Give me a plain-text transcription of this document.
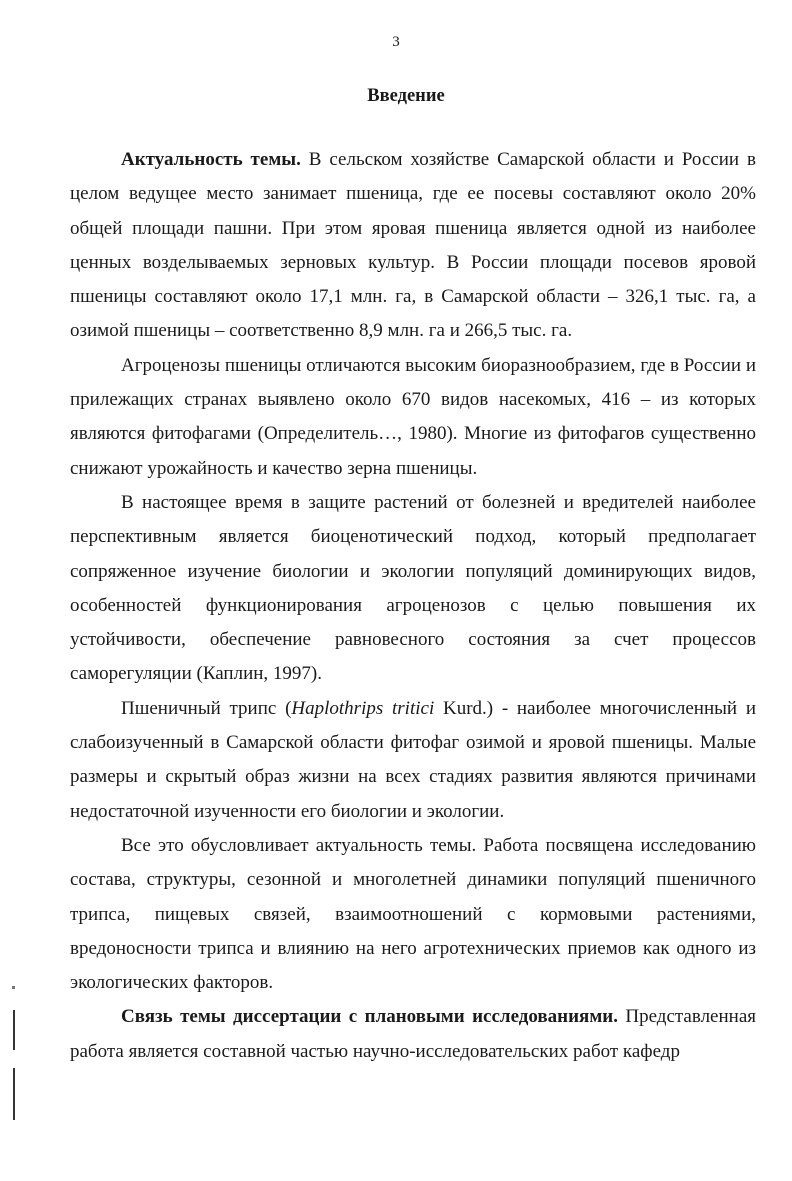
3
Введение

Актуальность темы. В сельском хозяйстве Самарской области и России в целом ведущее место занимает пшеница, где ее посевы составляют около 20% общей площади пашни. При этом яровая пшеница является одной из наиболее ценных возделываемых зерновых культур. В России площади посевов яровой пшеницы составляют около 17,1 млн. га, в Самарской области – 326,1 тыс. га, а озимой пшеницы – соответственно 8,9 млн. га и 266,5 тыс. га.

Агроценозы пшеницы отличаются высоким биоразнообразием, где в России и прилежащих странах выявлено около 670 видов насекомых, 416 – из которых являются фитофагами (Определитель…, 1980). Многие из фитофагов существенно снижают урожайность и качество зерна пшеницы.

В настоящее время в защите растений от болезней и вредителей наиболее перспективным является биоценотический подход, который предполагает сопряженное изучение биологии и экологии популяций доминирующих видов, особенностей функционирования агроценозов с целью повышения их устойчивости, обеспечение равновесного состояния за счет процессов саморегуляции (Каплин, 1997).

Пшеничный трипс (Haplothrips tritici Kurd.) - наиболее многочисленный и слабоизученный в Самарской области фитофаг озимой и яровой пшеницы. Малые размеры и скрытый образ жизни на всех стадиях развития являются причинами недостаточной изученности его биологии и экологии.

Все это обусловливает актуальность темы. Работа посвящена исследованию состава, структуры, сезонной и многолетней динамики популяций пшеничного трипса, пищевых связей, взаимоотношений с кормовыми растениями, вредоносности трипса и влиянию на него агротехнических приемов как одного из экологических факторов.

Связь темы диссертации с плановыми исследованиями. Представленная работа является составной частью научно-исследовательских работ кафедр
